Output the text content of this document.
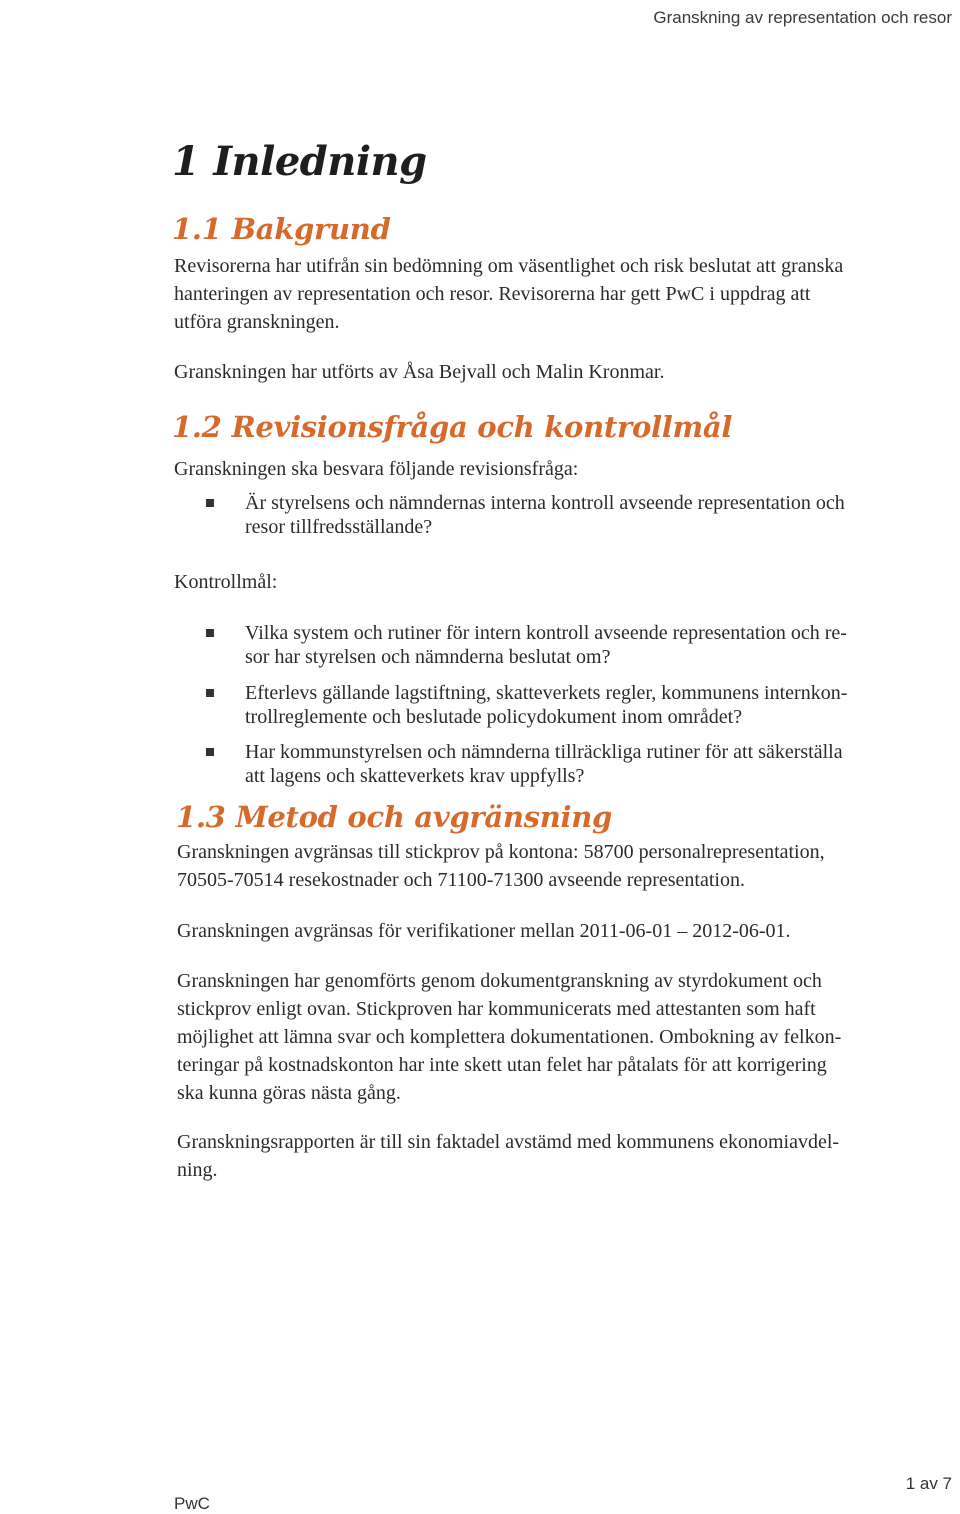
Granskning av representation och resor
1 Inledning
1.1 Bakgrund
Revisorerna har utifrån sin bedömning om väsentlighet och risk beslutat att granska
hanteringen av representation och resor. Revisorerna har gett PwC i uppdrag att
utföra granskningen.
Granskningen har utförts av Åsa Bejvall och Malin Kronmar.
1.2 Revisionsfråga och kontrollmål
Granskningen ska besvara följande revisionsfråga:
Är styrelsens och nämndernas interna kontroll avseende representation och
resor tillfredsställande?
Kontrollmål:
Vilka system och rutiner för intern kontroll avseende representation och re-
sor har styrelsen och nämnderna beslutat om?
Efterlevs gällande lagstiftning, skatteverkets regler, kommunens internkon-
trollreglemente och beslutade policydokument inom området?
Har kommunstyrelsen och nämnderna tillräckliga rutiner för att säkerställa
att lagens och skatteverkets krav uppfylls?
1.3 Metod och avgränsning
Granskningen avgränsas till stickprov på kontona: 58700 personalrepresentation,
70505-70514 resekostnader och 71100-71300 avseende representation.
Granskningen avgränsas för verifikationer mellan 2011-06-01 – 2012-06-01.
Granskningen har genomförts genom dokumentgranskning av styrdokument och
stickprov enligt ovan. Stickproven har kommunicerats med attestanten som haft
möjlighet att lämna svar och komplettera dokumentationen. Ombokning av felkon-
teringar på kostnadskonton har inte skett utan felet har påtalats för att korrigering
ska kunna göras nästa gång.
Granskningsrapporten är till sin faktadel avstämd med kommunens ekonomiavdel-
ning.
1 av 7
PwC
